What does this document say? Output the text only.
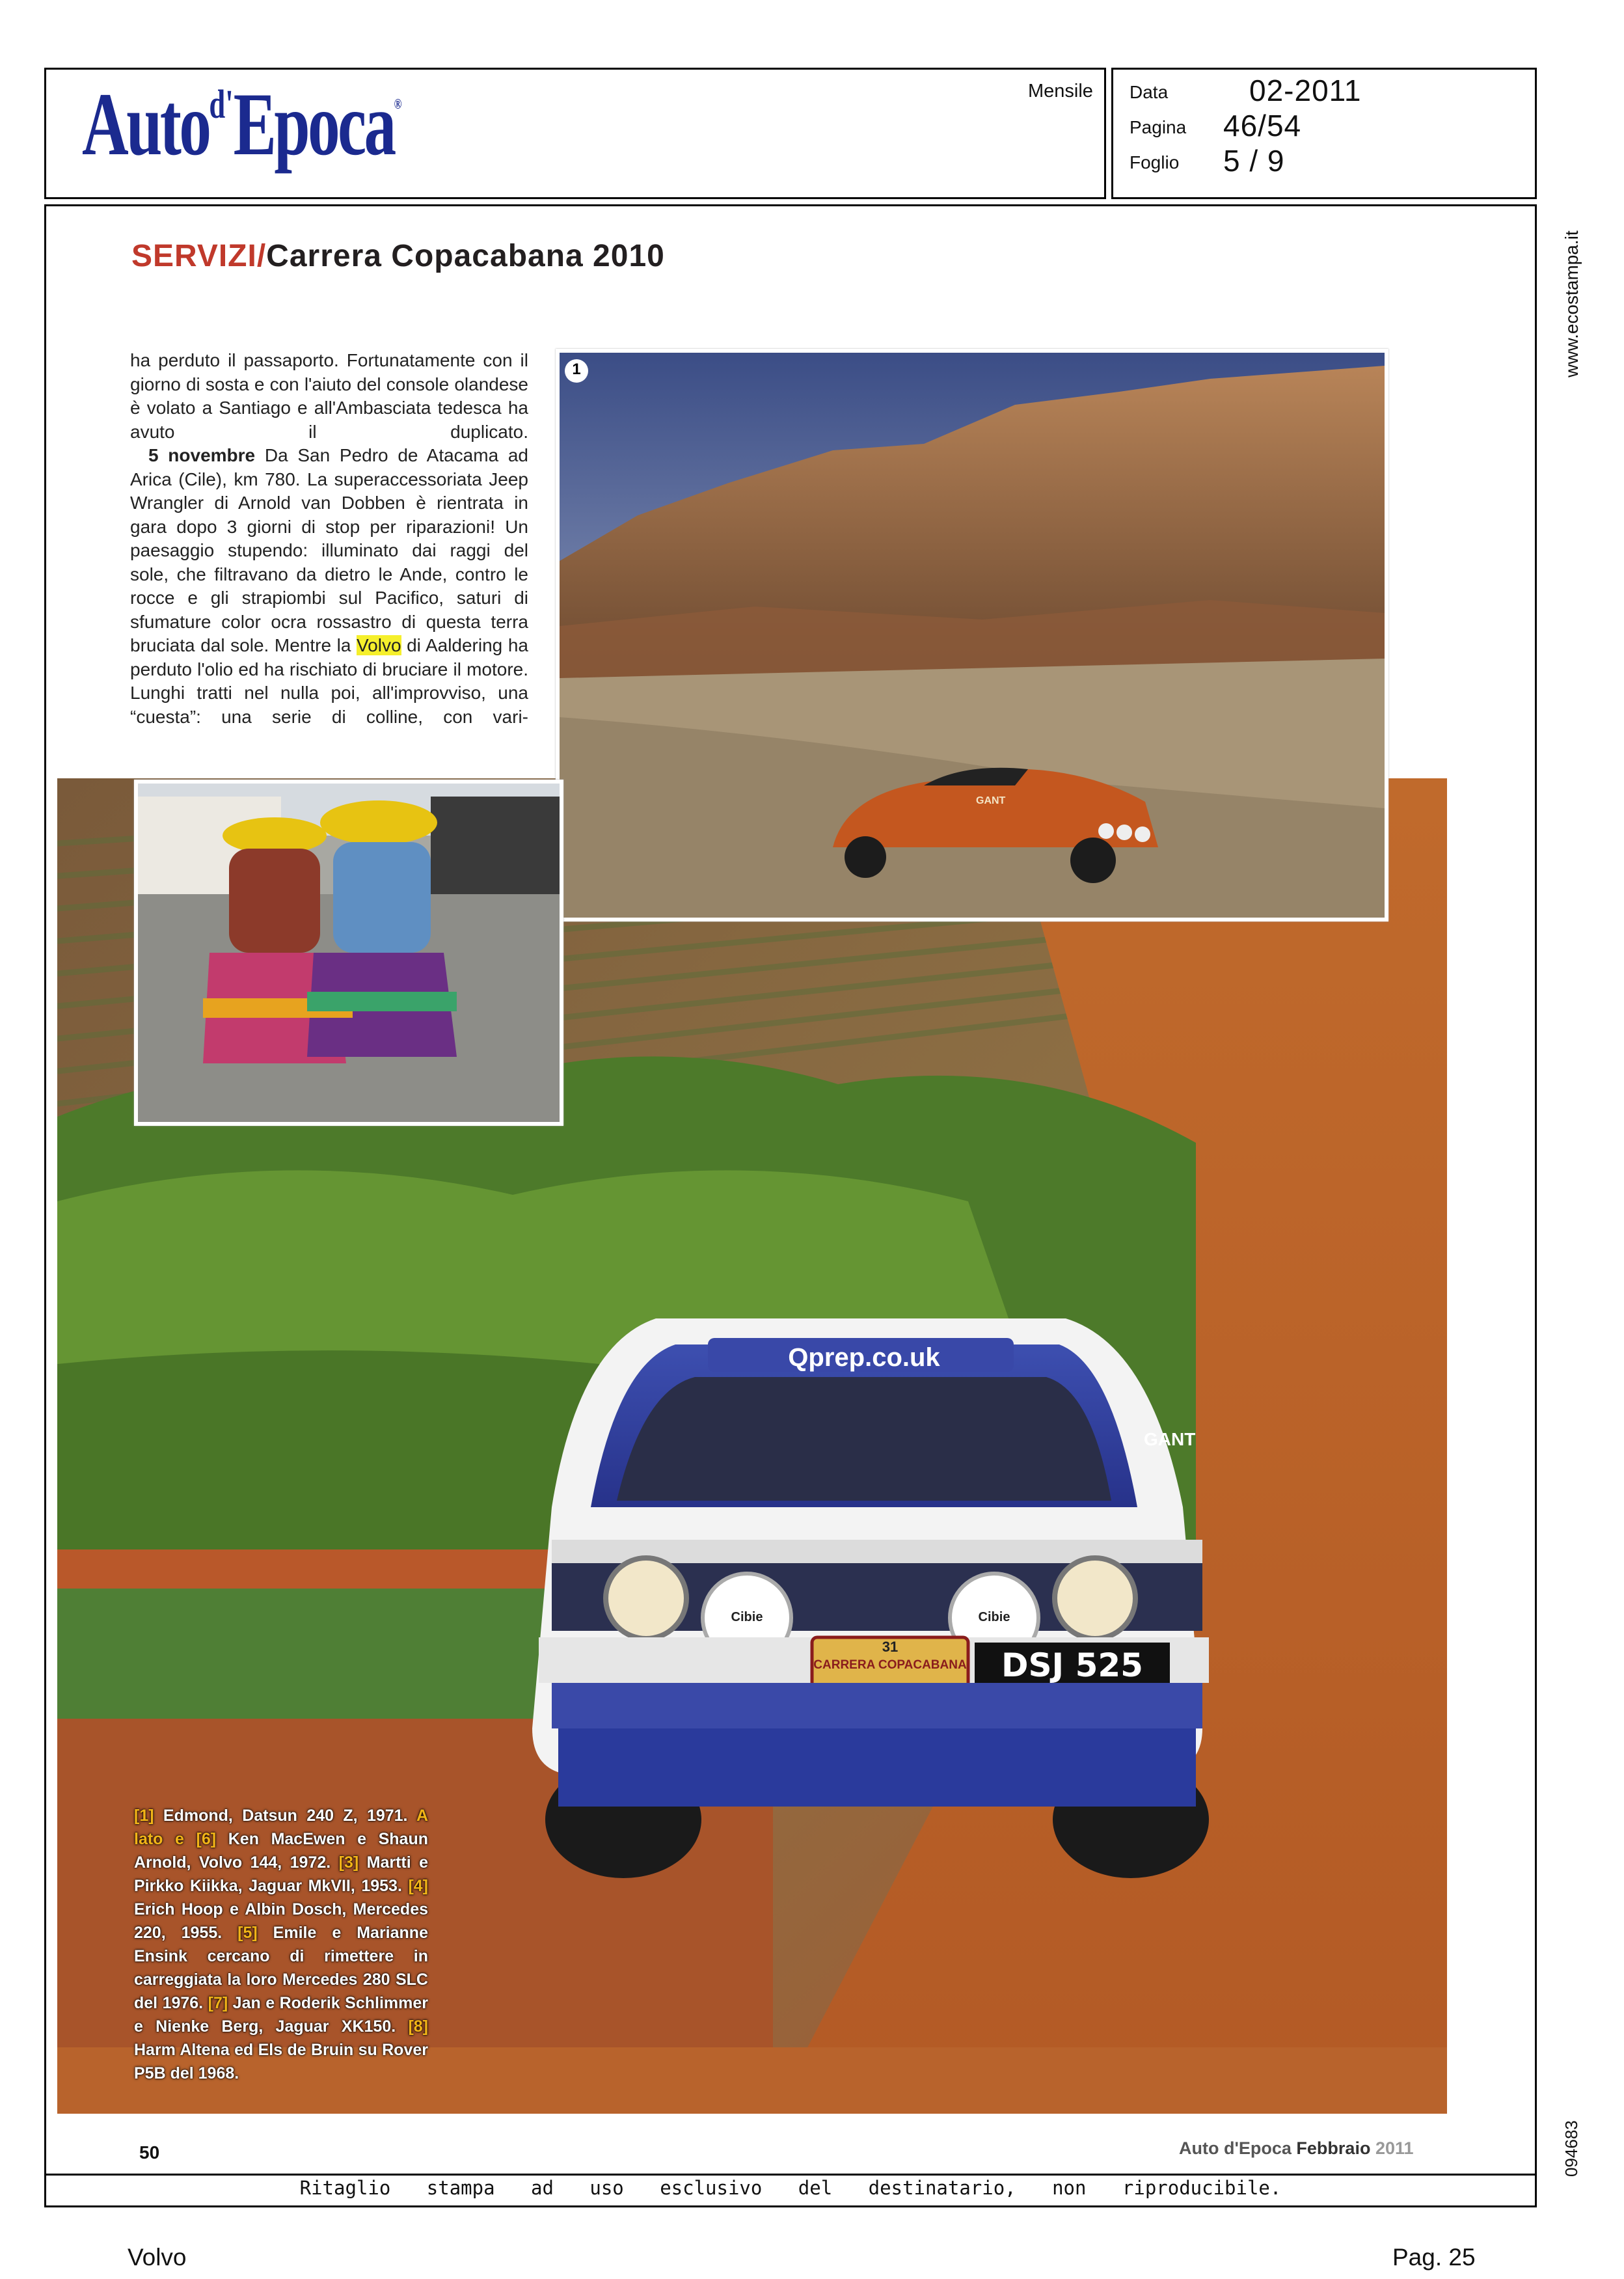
Auto$^{d'}$Epoca®
Mensile Data	02-2011
Pagina 46/54
Foglio 5 / 9
Ritaglio stampa ad uso esclusivo del destinatario, non riproducibile.
www.ecostampa.it
094683
SERVIZI/Carrera Copacabana 2010

ha perduto il passaporto. Fortunatamente con il giorno di sosta e con l'aiuto del console olandese è volato a Santiago e all'Ambasciata tedesca ha avuto il duplicato.

5 novembre Da San Pedro de Atacama ad Arica (Cile), km 780. La superaccessoriata Jeep Wrangler di Arnold van Dobben è rientrata in gara dopo 3 giorni di stop per riparazioni! Un paesaggio stupendo: illuminato dai raggi del sole, che filtravano da dietro le Ande, contro le rocce e gli strapiombi sul Pacifico, saturi di sfumature color ocra rossastro di questa terra bruciata dal sole. Mentre la Volvo di Aaldering ha perduto l'olio ed ha rischiato di bruciare il motore. Lunghi tratti nel nulla poi, all'improvviso, una “cuesta”: una serie di colline, con vari-

Qprep.co.uk
Cibie	Cibie
31
CARRERA COPACABANA	DSJ 525
GANT
1
GANT
[1] Edmond, Datsun 240 Z, 1971. A lato e [6] Ken MacEwen e Shaun Arnold, Volvo 144, 1972. [3] Martti e Pirkko Kiikka, Jaguar MkVII, 1953. [4] Erich Hoop e Albin Dosch, Mercedes 220, 1955. [5] Emile e Marianne Ensink cercano di rimettere in carreggiata la loro Mercedes 280 SLC del 1976. [7] Jan e Roderik Schlimmer e Nienke Berg, Jaguar XK150. [8] Harm Altena ed Els de Bruin su Rover P5B del 1968.
50	Auto d'Epoca Febbraio 2011
Volvo	Pag. 25
